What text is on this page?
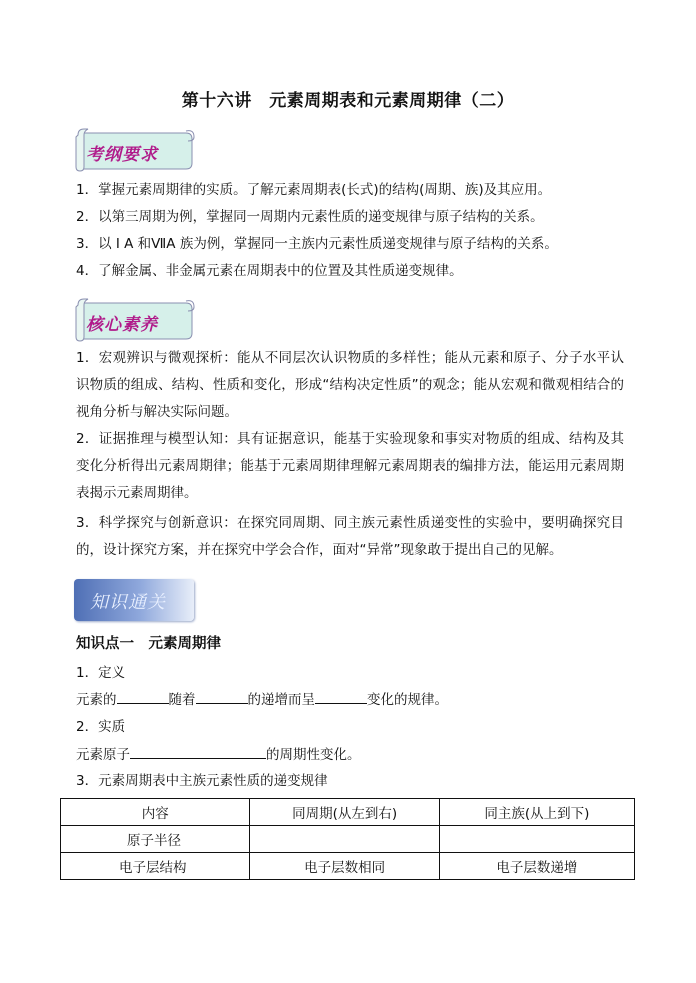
第十六讲　元素周期表和元素周期律（二）
考纲要求
1．掌握元素周期律的实质。了解元素周期表(长式)的结构(周期、族)及其应用。
2．以第三周期为例，掌握同一周期内元素性质的递变规律与原子结构的关系。
3．以 I A 和ⅦA 族为例，掌握同一主族内元素性质递变规律与原子结构的关系。
4．了解金属、非金属元素在周期表中的位置及其性质递变规律。
核心素养
1．宏观辨识与微观探析：能从不同层次认识物质的多样性；能从元素和原子、分子水平认识物质的组成、结构、性质和变化，形成“结构决定性质”的观念；能从宏观和微观相结合的视角分析与解决实际问题。
2．证据推理与模型认知：具有证据意识，能基于实验现象和事实对物质的组成、结构及其变化分析得出元素周期律；能基于元素周期律理解元素周期表的编排方法，能运用元素周期表揭示元素周期律。
3．科学探究与创新意识：在探究同周期、同主族元素性质递变性的实验中，要明确探究目的，设计探究方案，并在探究中学会合作，面对“异常”现象敢于提出自己的见解。
知识通关
知识点一　元素周期律
1．定义
元素的	随着	的递增而呈	变化的规律。
2．实质
元素原子	的周期性变化。
3．元素周期表中主族元素性质的递变规律
内容	同周期(从左到右)	同主族(从上到下)
原子半径		
电子层结构	电子层数相同	电子层数递增
